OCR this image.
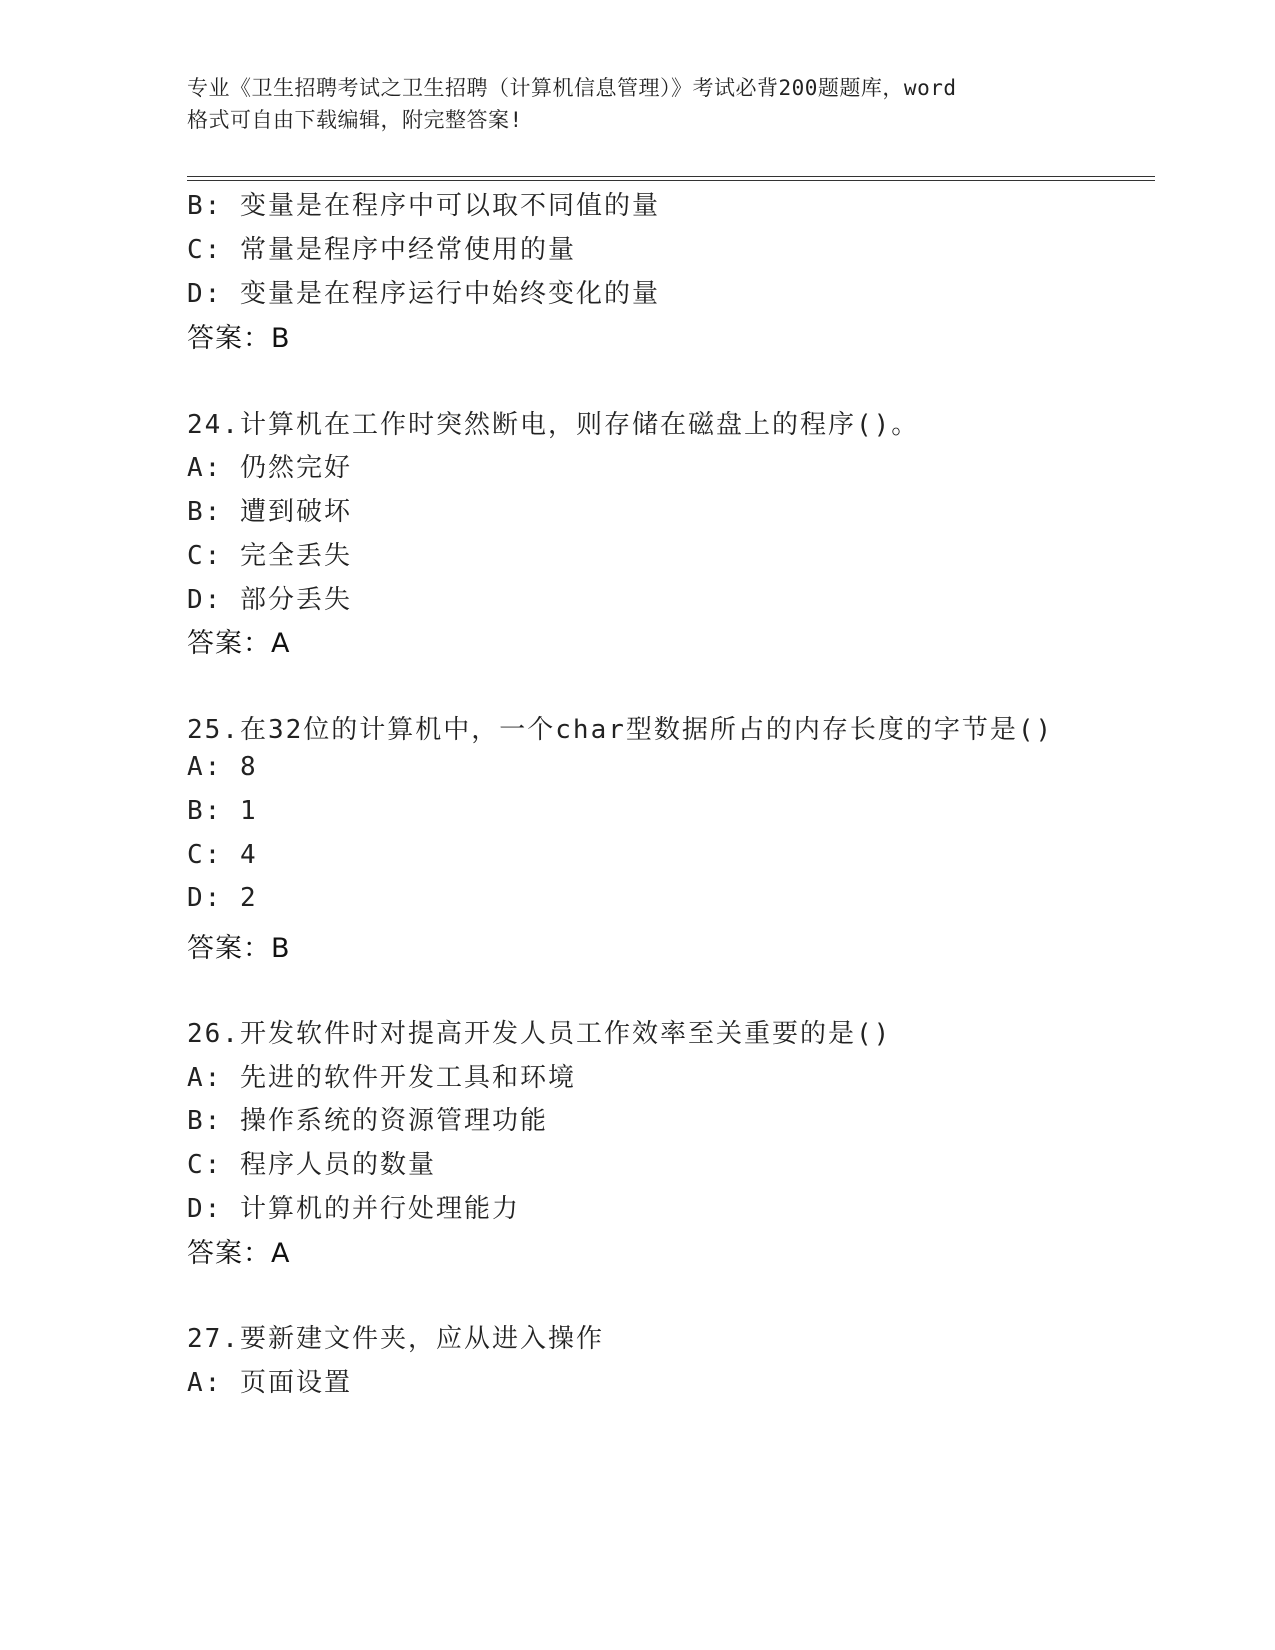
专业《卫生招聘考试之卫生招聘（计算机信息管理）》考试必背200题题库，word
格式可自由下载编辑，附完整答案!
B: 变量是在程序中可以取不同值的量
C: 常量是程序中经常使用的量
D: 变量是在程序运行中始终变化的量
答案：B
24.计算机在工作时突然断电，则存储在磁盘上的程序()。
A: 仍然完好
B: 遭到破坏
C: 完全丢失
D: 部分丢失
答案：A
25.在32位的计算机中，一个char型数据所占的内存长度的字节是()
A: 8
B: 1
C: 4
D: 2
答案：B
26.开发软件时对提高开发人员工作效率至关重要的是()
A: 先进的软件开发工具和环境
B: 操作系统的资源管理功能
C: 程序人员的数量
D: 计算机的并行处理能力
答案：A
27.要新建文件夹，应从进入操作
A: 页面设置
